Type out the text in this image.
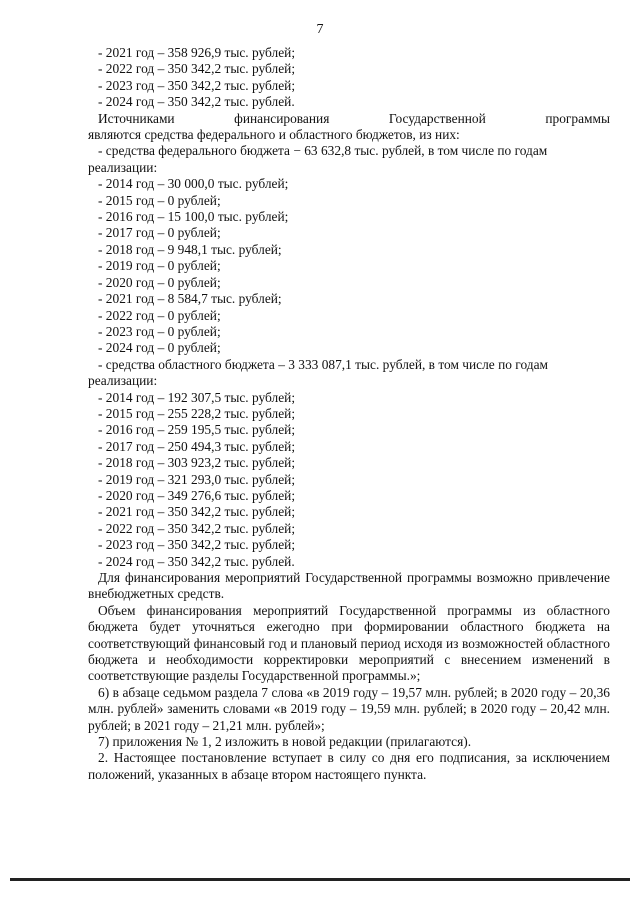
7
- 2021 год – 358 926,9 тыс. рублей;
- 2022 год – 350 342,2 тыс. рублей;
- 2023 год – 350 342,2 тыс. рублей;
- 2024 год – 350 342,2 тыс. рублей.
Источниками	финансирования	Государственной	программы
являются средства федерального и областного бюджетов, из них:
- средства федерального бюджета − 63 632,8 тыс. рублей, в том числе по годам
реализации:
- 2014 год – 30 000,0 тыс. рублей;
- 2015 год – 0 рублей;
- 2016 год – 15 100,0 тыс. рублей;
- 2017 год – 0 рублей;
- 2018 год – 9 948,1 тыс. рублей;
- 2019 год – 0 рублей;
- 2020 год – 0 рублей;
- 2021 год – 8 584,7 тыс. рублей;
- 2022 год – 0 рублей;
- 2023 год – 0 рублей;
- 2024 год – 0 рублей;
- средства областного бюджета – 3 333 087,1 тыс. рублей, в том числе по годам
реализации:
- 2014 год – 192 307,5 тыс. рублей;
- 2015 год – 255 228,2 тыс. рублей;
- 2016 год – 259 195,5 тыс. рублей;
- 2017 год – 250 494,3 тыс. рублей;
- 2018 год – 303 923,2 тыс. рублей;
- 2019 год – 321 293,0 тыс. рублей;
- 2020 год – 349 276,6 тыс. рублей;
- 2021 год – 350 342,2 тыс. рублей;
- 2022 год – 350 342,2 тыс. рублей;
- 2023 год – 350 342,2 тыс. рублей;
- 2024 год – 350 342,2 тыс. рублей.
Для финансирования мероприятий Государственной программы возможно привлечение внебюджетных средств.
Объем финансирования мероприятий Государственной программы из областного бюджета будет уточняться ежегодно при формировании областного бюджета на соответствующий финансовый год и плановый период исходя из возможностей областного бюджета и необходимости корректировки мероприятий с внесением изменений в соответствующие разделы Государственной программы.»;
6) в абзаце седьмом раздела 7 слова «в 2019 году – 19,57 млн. рублей; в 2020 году – 20,36 млн. рублей» заменить словами «в 2019 году – 19,59 млн. рублей; в 2020 году – 20,42 млн. рублей; в 2021 году – 21,21 млн. рублей»;
7) приложения № 1, 2 изложить в новой редакции (прилагаются).
2. Настоящее постановление вступает в силу со дня его подписания, за исключением положений, указанных в абзаце втором настоящего пункта.
